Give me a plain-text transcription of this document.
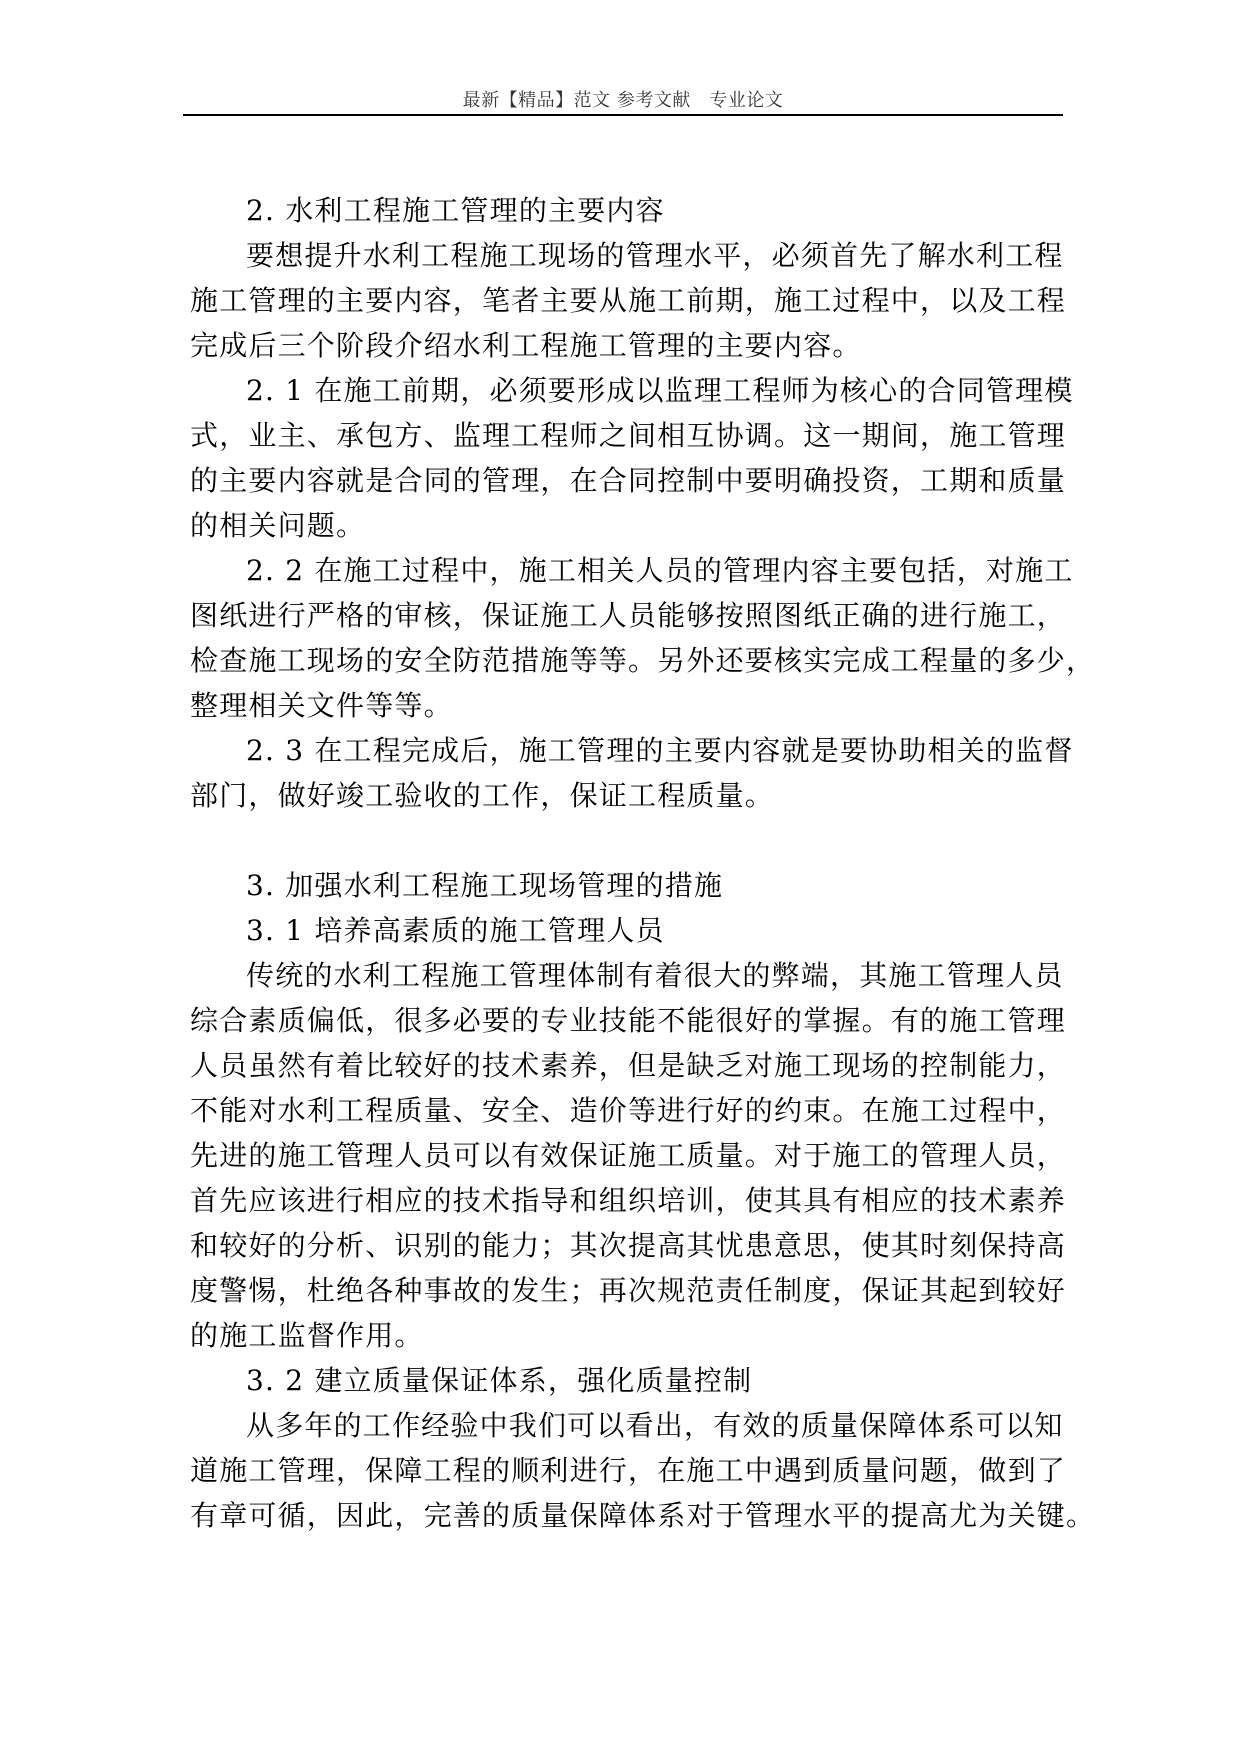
最新【精品】范文 参考文献　专业论文
2. 水利工程施工管理的主要内容
要想提升水利工程施工现场的管理水平，必须首先了解水利工程
施工管理的主要内容，笔者主要从施工前期，施工过程中，以及工程
完成后三个阶段介绍水利工程施工管理的主要内容。
2. 1 在施工前期，必须要形成以监理工程师为核心的合同管理模
式，业主、承包方、监理工程师之间相互协调。这一期间，施工管理
的主要内容就是合同的管理，在合同控制中要明确投资，工期和质量
的相关问题。
2. 2 在施工过程中，施工相关人员的管理内容主要包括，对施工
图纸进行严格的审核，保证施工人员能够按照图纸正确的进行施工，
检查施工现场的安全防范措施等等。另外还要核实完成工程量的多少，
整理相关文件等等。
2. 3 在工程完成后，施工管理的主要内容就是要协助相关的监督
部门，做好竣工验收的工作，保证工程质量。
3. 加强水利工程施工现场管理的措施
3. 1 培养高素质的施工管理人员
传统的水利工程施工管理体制有着很大的弊端，其施工管理人员
综合素质偏低，很多必要的专业技能不能很好的掌握。有的施工管理
人员虽然有着比较好的技术素养，但是缺乏对施工现场的控制能力，
不能对水利工程质量、安全、造价等进行好的约束。在施工过程中，
先进的施工管理人员可以有效保证施工质量。对于施工的管理人员，
首先应该进行相应的技术指导和组织培训，使其具有相应的技术素养
和较好的分析、识别的能力；其次提高其忧患意思，使其时刻保持高
度警惕，杜绝各种事故的发生；再次规范责任制度，保证其起到较好
的施工监督作用。
3. 2 建立质量保证体系，强化质量控制
从多年的工作经验中我们可以看出，有效的质量保障体系可以知
道施工管理，保障工程的顺利进行，在施工中遇到质量问题，做到了
有章可循，因此，完善的质量保障体系对于管理水平的提高尤为关键。
